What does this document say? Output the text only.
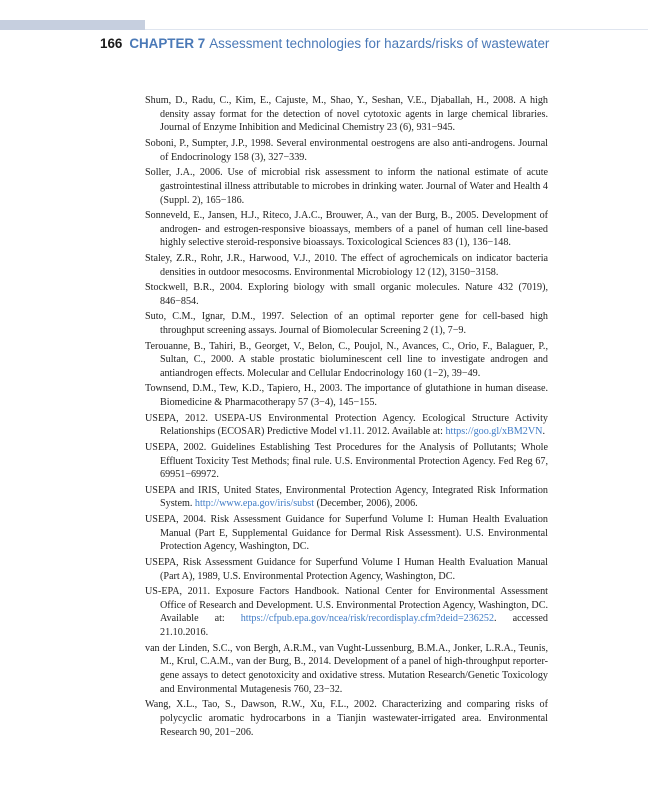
166 CHAPTER 7 Assessment technologies for hazards/risks of wastewater
Shum, D., Radu, C., Kim, E., Cajuste, M., Shao, Y., Seshan, V.E., Djaballah, H., 2008. A high density assay format for the detection of novel cytotoxic agents in large chemical libraries. Journal of Enzyme Inhibition and Medicinal Chemistry 23 (6), 931−945.
Soboni, P., Sumpter, J.P., 1998. Several environmental oestrogens are also anti-androgens. Journal of Endocrinology 158 (3), 327−339.
Soller, J.A., 2006. Use of microbial risk assessment to inform the national estimate of acute gastrointestinal illness attributable to microbes in drinking water. Journal of Water and Health 4 (Suppl. 2), 165−186.
Sonneveld, E., Jansen, H.J., Riteco, J.A.C., Brouwer, A., van der Burg, B., 2005. Development of androgen- and estrogen-responsive bioassays, members of a panel of human cell line-based highly selective steroid-responsive bioassays. Toxicological Sciences 83 (1), 136−148.
Staley, Z.R., Rohr, J.R., Harwood, V.J., 2010. The effect of agrochemicals on indicator bacteria densities in outdoor mesocosms. Environmental Microbiology 12 (12), 3150−3158.
Stockwell, B.R., 2004. Exploring biology with small organic molecules. Nature 432 (7019), 846−854.
Suto, C.M., Ignar, D.M., 1997. Selection of an optimal reporter gene for cell-based high throughput screening assays. Journal of Biomolecular Screening 2 (1), 7−9.
Terouanne, B., Tahiri, B., Georget, V., Belon, C., Poujol, N., Avances, C., Orio, F., Balaguer, P., Sultan, C., 2000. A stable prostatic bioluminescent cell line to investigate androgen and antiandrogen effects. Molecular and Cellular Endocrinology 160 (1−2), 39−49.
Townsend, D.M., Tew, K.D., Tapiero, H., 2003. The importance of glutathione in human disease. Biomedicine & Pharmacotherapy 57 (3−4), 145−155.
USEPA, 2012. USEPA-US Environmental Protection Agency. Ecological Structure Activity Relationships (ECOSAR) Predictive Model v1.11. 2012. Available at: https://goo.gl/xBM2VN.
USEPA, 2002. Guidelines Establishing Test Procedures for the Analysis of Pollutants; Whole Effluent Toxicity Test Methods; final rule. U.S. Environmental Protection Agency. Fed Reg 67, 69951−69972.
USEPA and IRIS, United States, Environmental Protection Agency, Integrated Risk Information System. http://www.epa.gov/iris/subst (December, 2006), 2006.
USEPA, 2004. Risk Assessment Guidance for Superfund Volume I: Human Health Evaluation Manual (Part E, Supplemental Guidance for Dermal Risk Assessment). U.S. Environmental Protection Agency, Washington, DC.
USEPA, Risk Assessment Guidance for Superfund Volume I Human Health Evaluation Manual (Part A), 1989, U.S. Environmental Protection Agency, Washington, DC.
US-EPA, 2011. Exposure Factors Handbook. National Center for Environmental Assessment Office of Research and Development. U.S. Environmental Protection Agency, Washington, DC. Available at: https://cfpub.epa.gov/ncea/risk/recordisplay.cfm?deid=236252. accessed 21.10.2016.
van der Linden, S.C., von Bergh, A.R.M., van Vught-Lussenburg, B.M.A., Jonker, L.R.A., Teunis, M., Krul, C.A.M., van der Burg, B., 2014. Development of a panel of high-throughput reporter-gene assays to detect genotoxicity and oxidative stress. Mutation Research/Genetic Toxicology and Environmental Mutagenesis 760, 23−32.
Wang, X.L., Tao, S., Dawson, R.W., Xu, F.L., 2002. Characterizing and comparing risks of polycyclic aromatic hydrocarbons in a Tianjin wastewater-irrigated area. Environmental Research 90, 201−206.
